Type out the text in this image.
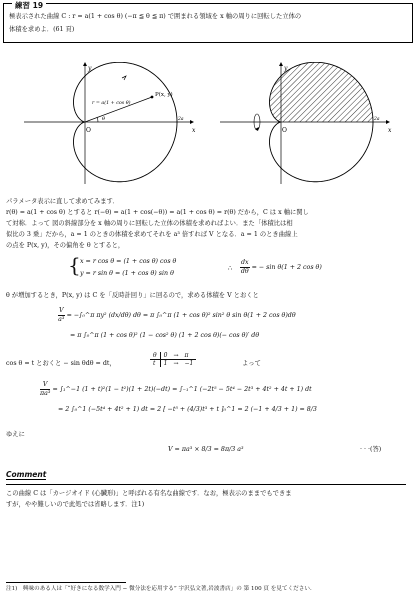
練習 19
極表示された曲線 C : r = a(1 + cos θ) (−π ≦ θ ≦ π) で囲まれる領域を x 軸の周りに回転した立体の
体積を求めよ．(61 頁)
O	x
y
P(x, y)
r = a(1 + cos θ)
θ	2a
O	x
y
2a
パラメータ表示に直して求めてみます．
r(θ) = a(1 + cos θ) とすると r(−θ) = a(1 + cos(−θ)) = a(1 + cos θ) = r(θ) だから，C は x 軸に関し
て対称．よって 図の斜線部分を x 軸の周りに回転した立体の体積を求めればよい．また「体積比は相
似比の 3 乗」だから，a = 1 のときの体積を求めてそれを a³ 倍すれば V となる．a = 1 のとき曲線上
の点を P(x, y)，その偏角を θ とすると，
{ x = r cos θ = (1 + cos θ) cos θ
y = r sin θ = (1 + cos θ) sin θ
∴ $\frac{dx}{d\theta}$ = − sin θ(1 + 2 cos θ)
θ が増加するとき，P(x, y) は C を「反時計回り」に回るので，求める体積を V とおくと
$\frac{V}{\text{a³}}$ = −∫₀^π πy² (dx/dθ) dθ = π ∫₀^π (1 + cos θ)² sin² θ sin θ(1 + 2 cos θ)dθ
= π ∫₀^π (1 + cos θ)² (1 − cos² θ) (1 + 2 cos θ)(− cos θ)′ dθ
cos θ = t とおくと − sin θdθ = dt，
θ	0	→	π
t	1	→	−1	よって
$\frac{V}{\text{πa³}}$ = ∫₁^−1 (1 + t)²(1 − t²)(1 + 2t)(−dt) = ∫₋₁^1 (−2t⁵ − 5t⁴ − 2t³ + 4t² + 4t + 1) dt
= 2 ∫₀^1 (−5t⁴ + 4t² + 1) dt = 2 [ −t⁵ + (4/3)t³ + t ]₀^1 = 2 (−1 + 4/3 + 1) = 8/3
ゆえに
V = πa³ × 8/3 = 8π/3 a³	· · ·(答)
Comment
この曲線 C は「カージオイド (心臓形)」と呼ばれる有名な曲線です．なお，極表示のままでもできま
すが，やや難しいので此処では省略します．注1)
注1)　興味のある人は「“好きになる数学入門 − 微分法を応用する” 宇沢弘文著,岩波書店」の 第 100 頁 を見てください．
